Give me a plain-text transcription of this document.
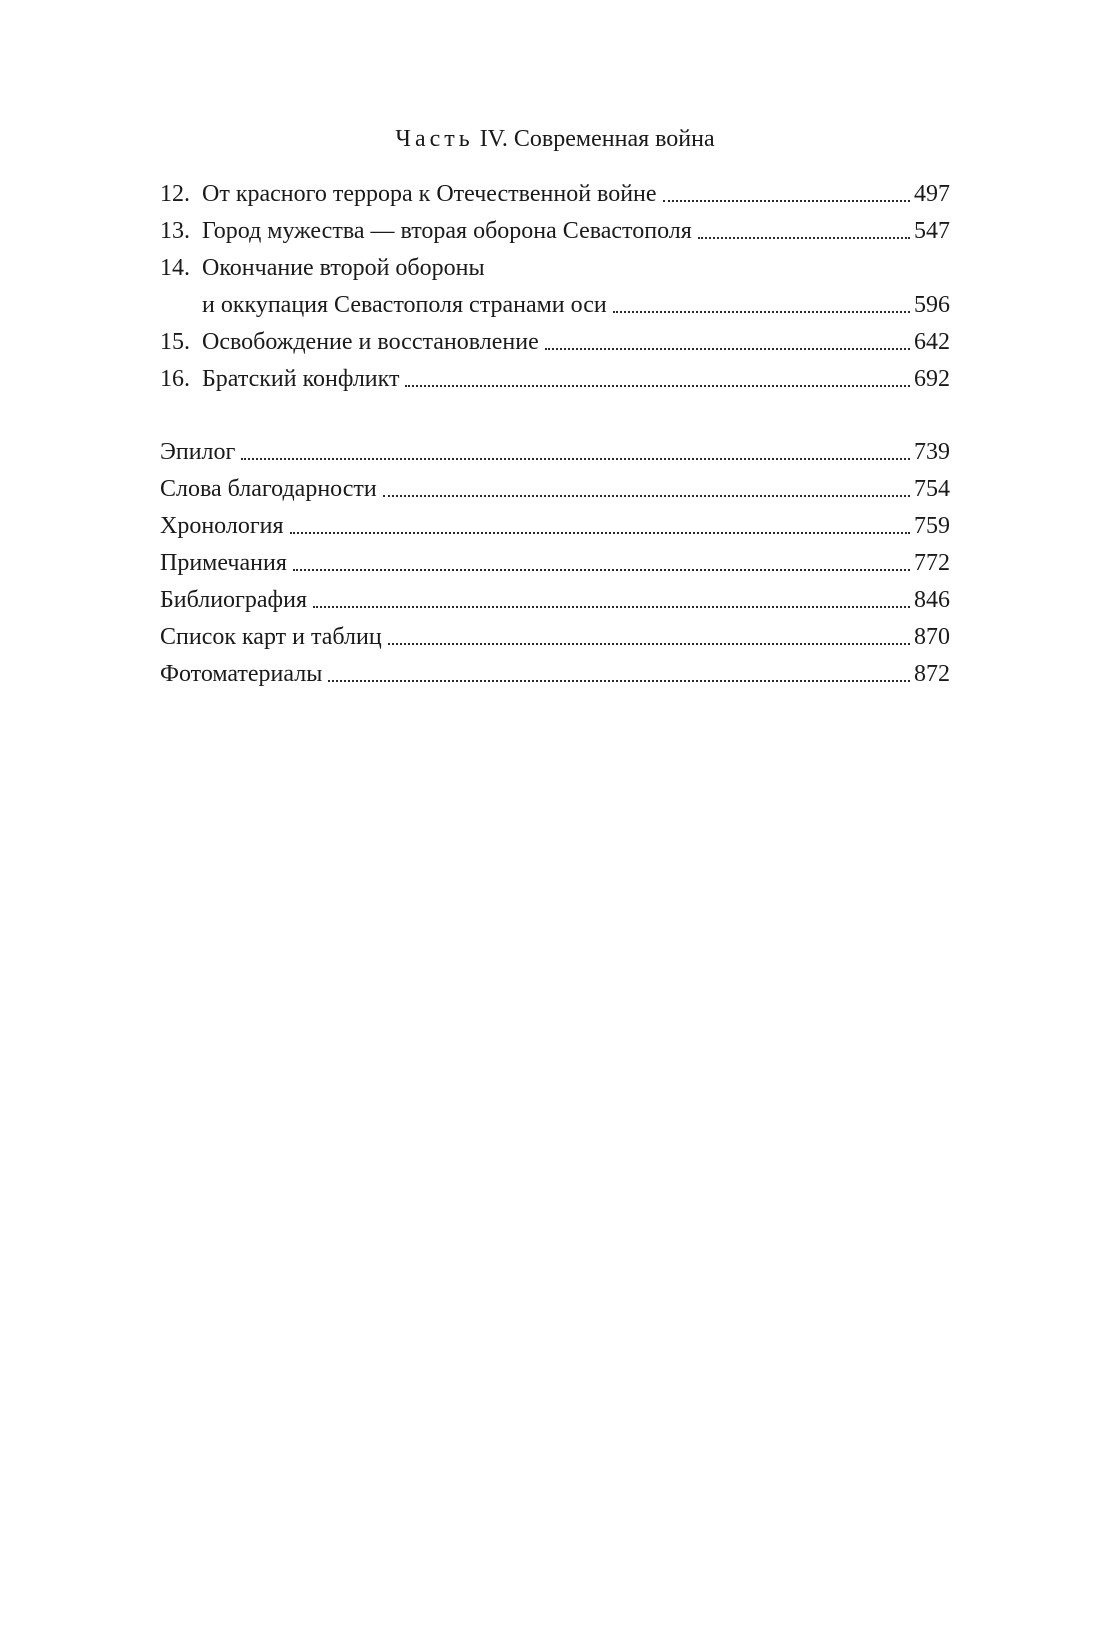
Часть IV. Современная война
12. От красного террора к Отечественной войне	497
13. Город мужества — вторая оборона Севастополя	547
14. Окончание второй обороны
и оккупация Севастополя странами оси	596
15. Освобождение и восстановление	642
16. Братский конфликт	692
Эпилог	739
Слова благодарности	754
Хронология	759
Примечания	772
Библиография	846
Список карт и таблиц	870
Фотоматериалы	872
